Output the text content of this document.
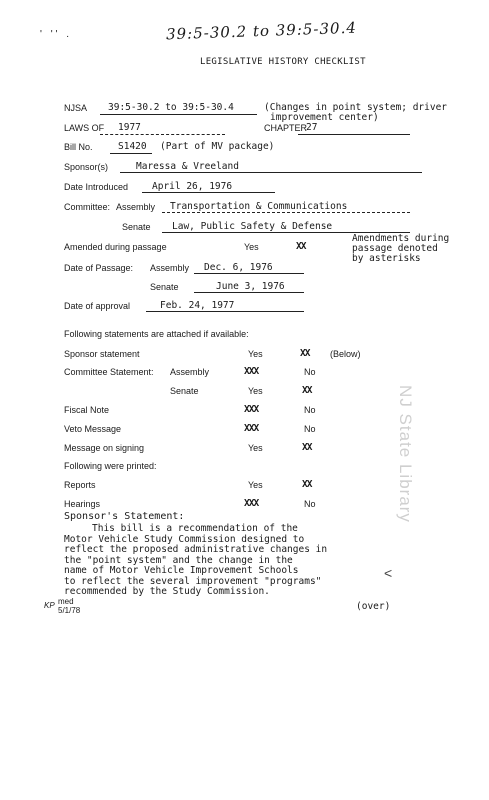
' '' .	39:5-30.2 to 39:5-30.4
LEGISLATIVE HISTORY CHECKLIST
NJSA 39:5-30.2 to 39:5-30.4	(Changes in point system; driver
improvement center)
LAWS OF 1977	CHAPTER
27
Bill No.	S1420 (Part of MV package)
Sponsor(s)	Maressa & Vreeland
Date Introduced	April 26, 1976
Committee: Assembly Transportation & Communications
Senate Law, Public Safety & Defense
Amended during passage	Yes	XX
Amendments during
passage denoted
by asterisks
Date of Passage: Assembly Dec. 6, 1976
Senate	June 3, 1976
Date of approval	Feb. 24, 1977
Following statements are attached if available:
Sponsor statement	Yes	XX (Below)
Committee Statement: Assembly	XXX	No
Senate	Yes	XX
Fiscal Note	XXX	No
Veto Message	XXX	No
Message on signing	Yes	XX
Following were printed:
Reports	Yes	XX
Hearings	XXX	No
Sponsor's Statement:
This bill is a recommendation of the
Motor Vehicle Study Commission designed to
reflect the proposed administrative changes in
the "point system" and the change in the
name of Motor Vehicle Improvement Schools
to reflect the several improvement "programs"
recommended by the Study Commission.
NJ State Library
<
KP med
5/1/78	(over)
